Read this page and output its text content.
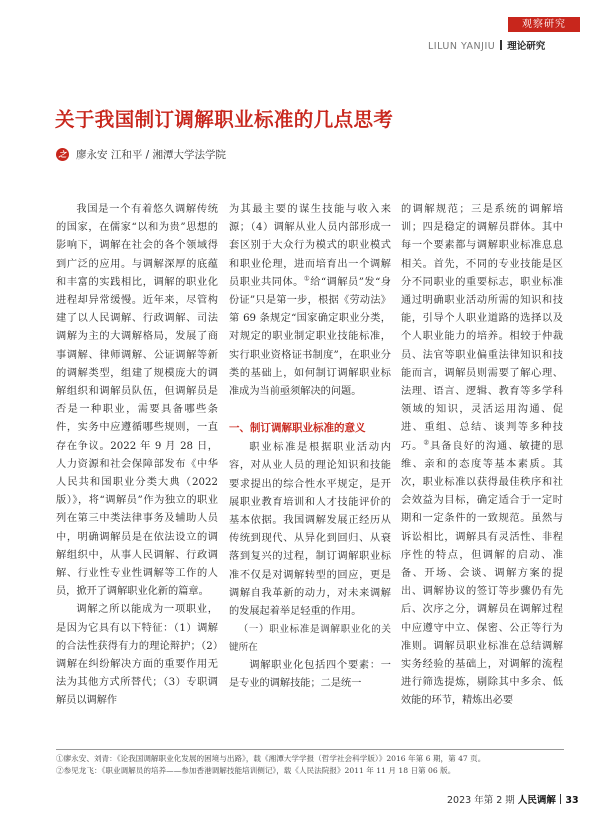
观察研究
LILUN YANJIU 理论研究
关于我国制订调解职业标准的几点思考
之 廖永安 江和平 / 湘潭大学法学院

我国是一个有着悠久调解传统的国家，在儒家“以和为贵”思想的影响下，调解在社会的各个领域得到广泛的应用。与调解深厚的底蕴和丰富的实践相比，调解的职业化进程却异常缓慢。近年来，尽管构建了以人民调解、行政调解、司法调解为主的大调解格局，发展了商事调解、律师调解、公证调解等新的调解类型，组建了规模庞大的调解组织和调解员队伍，但调解员是否是一种职业，需要具备哪些条件，实务中应遵循哪些规则，一直存在争议。2022 年 9 月 28 日，人力资源和社会保障部发布《中华人民共和国职业分类大典（2022 版）》，将“调解员”作为独立的职业列在第三中类法律事务及辅助人员中，明确调解员是在依法设立的调解组织中，从事人民调解、行政调解、行业性专业性调解等工作的人员，掀开了调解职业化新的篇章。

调解之所以能成为一项职业，是因为它具有以下特征：（1）调解的合法性获得有力的理论辩护；（2）调解在纠纷解决方面的重要作用无法为其他方式所替代；（3）专职调解员以调解作

为其最主要的谋生技能与收入来源；（4）调解从业人员内部形成一套区别于大众行为模式的职业模式和职业伦理，进而培育出一个调解员职业共同体。①给“调解员”发“身份证”只是第一步，根据《劳动法》第 69 条规定“国家确定职业分类，对规定的职业制定职业技能标准，实行职业资格证书制度”，在职业分类的基础上，如何制订调解职业标准成为当前亟须解决的问题。

一、制订调解职业标准的意义

职业标准是根据职业活动内容，对从业人员的理论知识和技能要求提出的综合性水平规定，是开展职业教育培训和人才技能评价的基本依据。我国调解发展正经历从传统到现代、从异化到回归、从衰落到复兴的过程，制订调解职业标准不仅是对调解转型的回应，更是调解自我革新的动力，对未来调解的发展起着举足轻重的作用。

（一）职业标准是调解职业化的关键所在

调解职业化包括四个要素：一是专业的调解技能；二是统一

的调解规范；三是系统的调解培训；四是稳定的调解员群体。其中每一个要素都与调解职业标准息息相关。首先，不同的专业技能是区分不同职业的重要标志，职业标准通过明确职业活动所需的知识和技能，引导个人职业道路的选择以及个人职业能力的培养。相较于仲裁员、法官等职业偏重法律知识和技能而言，调解员则需要了解心理、法理、语言、逻辑、教育等多学科领域的知识，灵活运用沟通、促进、重组、总结、谈判等多种技巧。②具备良好的沟通、敏捷的思维、亲和的态度等基本素质。其次，职业标准以获得最佳秩序和社会效益为目标，确定适合于一定时期和一定条件的一致规范。虽然与诉讼相比，调解具有灵活性、非程序性的特点，但调解的启动、准备、开场、会谈、调解方案的提出、调解协议的签订等步骤仍有先后、次序之分，调解员在调解过程中应遵守中立、保密、公正等行为准则。调解员职业标准在总结调解实务经验的基础上，对调解的流程进行筛选提炼，剔除其中多余、低效能的环节，精炼出必要

①廖永安、刘青：《论我国调解职业化发展的困境与出路》，载《湘潭大学学报（哲学社会科学版）》2016 年第 6 期，第 47 页。
②参见龙飞：《职业调解员的培养——参加香港调解技能培训侧记》，载《人民法院报》2011 年 11 月 18 日第 06 版。
2023 年第 2 期 人民调解 33
